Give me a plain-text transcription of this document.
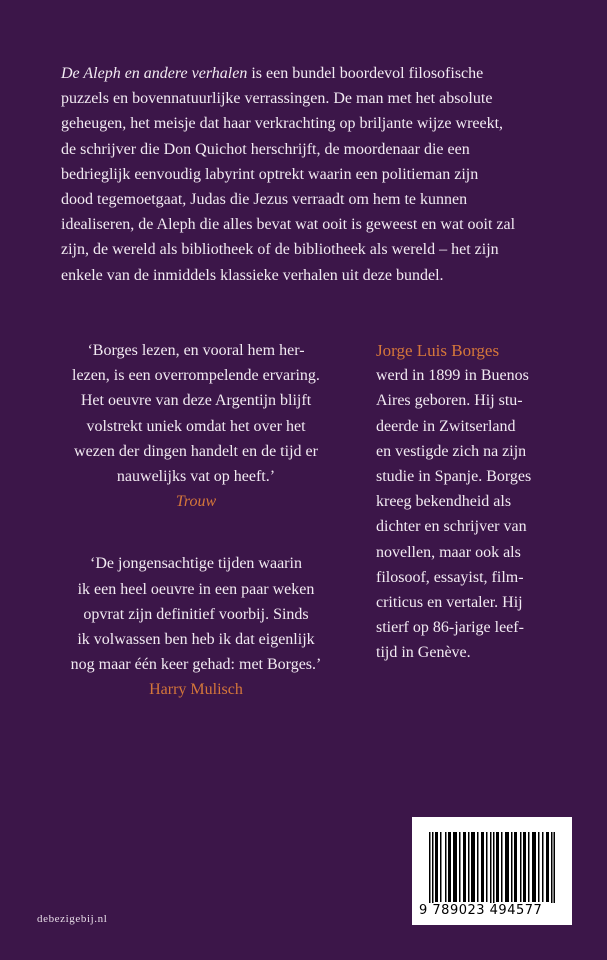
De Aleph en andere verhalen is een bundel boordevol filosofische
puzzels en bovennatuurlijke verrassingen. De man met het absolute
geheugen, het meisje dat haar verkrachting op briljante wijze wreekt,
de schrijver die Don Quichot herschrijft, de moordenaar die een
bedrieglijk eenvoudig labyrint optrekt waarin een politieman zijn
dood tegemoetgaat, Judas die Jezus verraadt om hem te kunnen
idealiseren, de Aleph die alles bevat wat ooit is geweest en wat ooit zal
zijn, de wereld als bibliotheek of de bibliotheek als wereld – het zijn
enkele van de inmiddels klassieke verhalen uit deze bundel.
‘Borges lezen, en vooral hem her-
lezen, is een overrompelende ervaring.
Het oeuvre van deze Argentijn blijft
volstrekt uniek omdat het over het
wezen der dingen handelt en de tijd er
nauwelijks vat op heeft.’
Trouw
‘De jongensachtige tijden waarin
ik een heel oeuvre in een paar weken
opvrat zijn definitief voorbij. Sinds
ik volwassen ben heb ik dat eigenlijk
nog maar één keer gehad: met Borges.’
Harry Mulisch
Jorge Luis Borges
werd in 1899 in Buenos
Aires geboren. Hij stu-
deerde in Zwitserland
en vestigde zich na zijn
studie in Spanje. Borges
kreeg bekendheid als
dichter en schrijver van
novellen, maar ook als
filosoof, essayist, film-
criticus en vertaler. Hij
stierf op 86-jarige leef-
tijd in Genève.
9 789023 494577
debezigebij.nl
